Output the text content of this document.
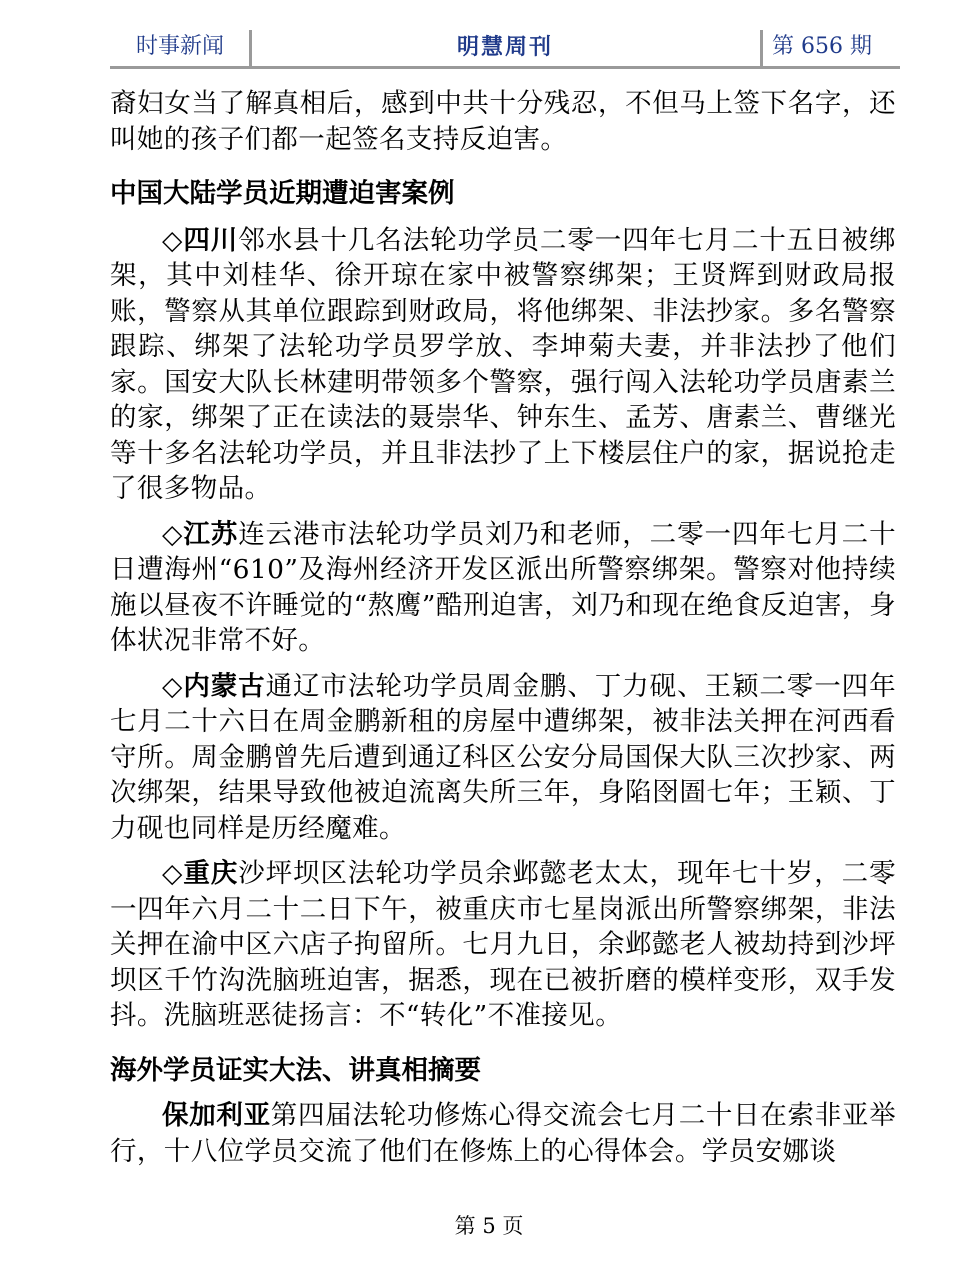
时事新闻	明慧周刊	第 656 期

裔妇女当了解真相后，感到中共十分残忍，不但马上签下名字，还叫她的孩子们都一起签名支持反迫害。

中国大陆学员近期遭迫害案例

◇四川邻水县十几名法轮功学员二零一四年七月二十五日被绑架，其中刘桂华、徐开琼在家中被警察绑架；王贤辉到财政局报账，警察从其单位跟踪到财政局，将他绑架、非法抄家。多名警察跟踪、绑架了法轮功学员罗学放、李坤菊夫妻，并非法抄了他们家。国安大队长林建明带领多个警察，强行闯入法轮功学员唐素兰的家，绑架了正在读法的聂崇华、钟东生、孟芳、唐素兰、曹继光等十多名法轮功学员，并且非法抄了上下楼层住户的家，据说抢走了很多物品。

◇江苏连云港市法轮功学员刘乃和老师，二零一四年七月二十日遭海州“610”及海州经济开发区派出所警察绑架。警察对他持续施以昼夜不许睡觉的“熬鹰”酷刑迫害，刘乃和现在绝食反迫害，身体状况非常不好。

◇内蒙古通辽市法轮功学员周金鹏、丁力砚、王颖二零一四年七月二十六日在周金鹏新租的房屋中遭绑架，被非法关押在河西看守所。周金鹏曾先后遭到通辽科区公安分局国保大队三次抄家、两次绑架，结果导致他被迫流离失所三年，身陷囹圄七年；王颖、丁力砚也同样是历经魔难。

◇重庆沙坪坝区法轮功学员余邺懿老太太，现年七十岁，二零一四年六月二十二日下午，被重庆市七星岗派出所警察绑架，非法关押在渝中区六店子拘留所。七月九日，余邺懿老人被劫持到沙坪坝区千竹沟洗脑班迫害，据悉，现在已被折磨的模样变形，双手发抖。洗脑班恶徒扬言：不“转化”不准接见。

海外学员证实大法、讲真相摘要

保加利亚第四届法轮功修炼心得交流会七月二十日在索非亚举行，十八位学员交流了他们在修炼上的心得体会。学员安娜谈

第 5 页
